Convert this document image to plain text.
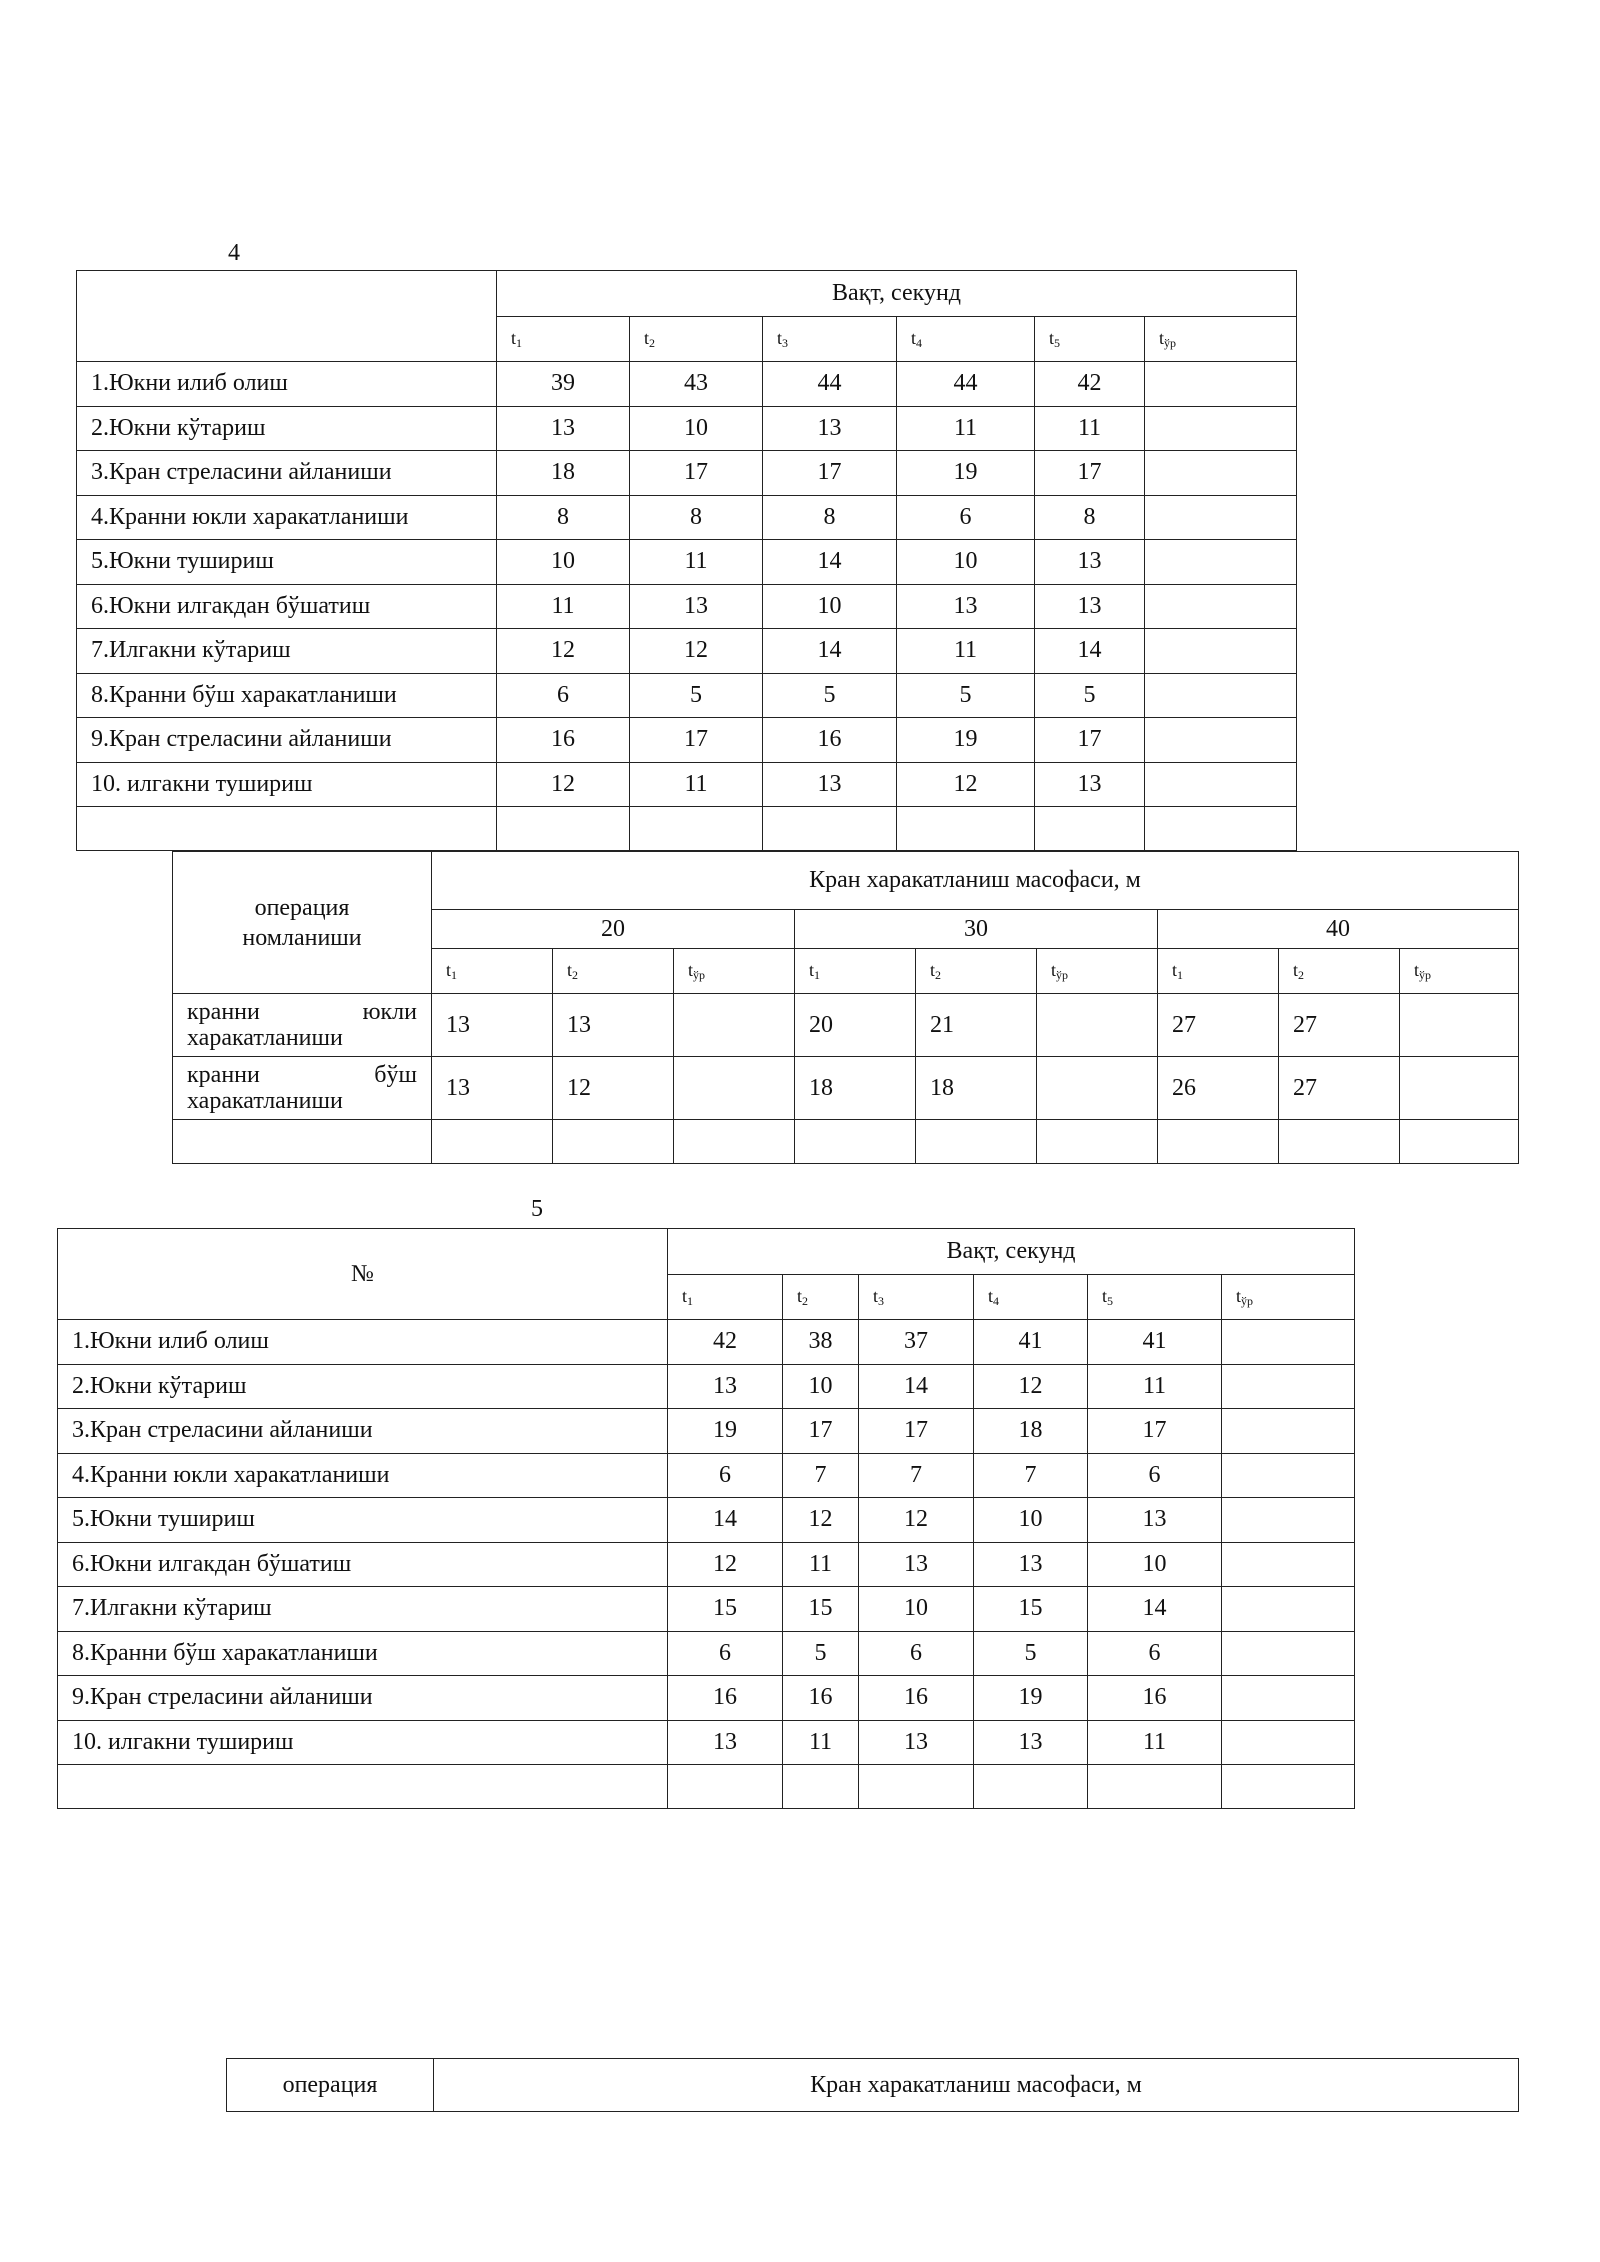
4
	Вақт, секунд					
	$t_1$	$t_2$	$t_3$	$t_4$	$t_5$	$t_{ўр}$
1.Юкни илиб олиш	39	43	44	44	42	
2.Юкни кўтариш	13	10	13	11	11	
3.Кран стреласини айланиши	18	17	17	19	17	
4.Кранни юкли харакатланиши	8	8	8	6	8	
5.Юкни тушириш	10	11	14	10	13	
6.Юкни илгакдан бўшатиш	11	13	10	13	13	
7.Илгакни кўтариш	12	12	14	11	14	
8.Кранни бўш харакатланиши	6	5	5	5	5	
9.Кран стреласини айланиши	16	17	16	19	17	
10. илгакни тушириш	12	11	13	12	13	

операция
номланиши	Кран харакатланиш масофаси, м								
	20			30			40		
	$t_1$	$t_2$	$t_{ўр}$	$t_1$	$t_2$	$t_{ўр}$	$t_1$	$t_2$	$t_{ўр}$

кранни юкли
харакатланиши	13	13		20	21		27	27	

кранни бўш
харакатланиши	13	12		18	18		26	27	

5
№	Вақт, секунд					
	$t_1$	$t_2$	$t_3$	$t_4$	$t_5$	$t_{ўр}$
1.Юкни илиб олиш	42	38	37	41	41	
2.Юкни кўтариш	13	10	14	12	11	
3.Кран стреласини айланиши	19	17	17	18	17	
4.Кранни юкли харакатланиши	6	7	7	7	6	
5.Юкни тушириш	14	12	12	10	13	
6.Юкни илгакдан бўшатиш	12	11	13	13	10	
7.Илгакни кўтариш	15	15	10	15	14	
8.Кранни бўш харакатланиши	6	5	6	5	6	
9.Кран стреласини айланиши	16	16	16	19	16	
10. илгакни тушириш	13	11	13	13	11	

операция	Кран харакатланиш масофаси, м
